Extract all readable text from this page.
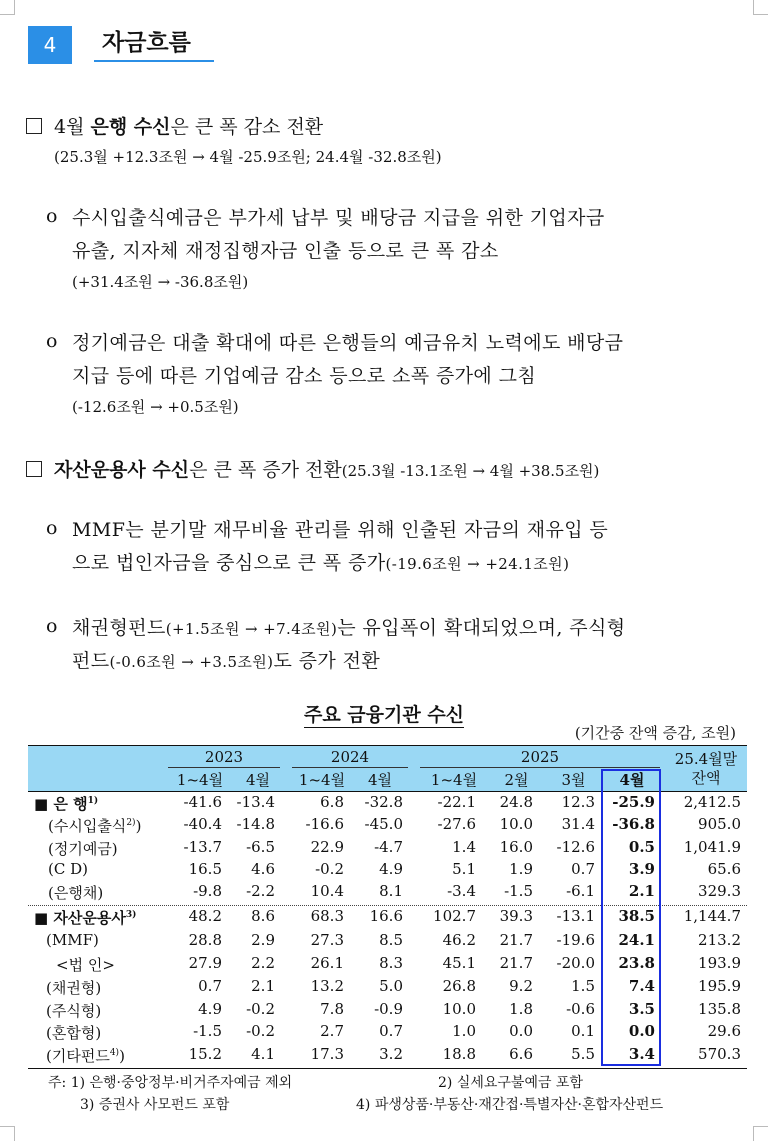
4	자금흐름
4월 은행 수신은 큰 폭 감소 전환
(25.3월 +12.3조원 → 4월 -25.9조원; 24.4월 -32.8조원)
o 수시입출식예금은 부가세 납부 및 배당금 지급을 위한 기업자금
유출, 지자체 재정집행자금 인출 등으로 큰 폭 감소
(+31.4조원 → -36.8조원)
o 정기예금은 대출 확대에 따른 은행들의 예금유치 노력에도 배당금
지급 등에 따른 기업예금 감소 등으로 소폭 증가에 그침
(-12.6조원 → +0.5조원)
자산운용사 수신은 큰 폭 증가 전환(25.3월 -13.1조원 → 4월 +38.5조원)
o MMF는 분기말 재무비율 관리를 위해 인출된 자금의 재유입 등
으로 법인자금을 중심으로 큰 폭 증가(-19.6조원 → +24.1조원)
o 채권형펀드(+1.5조원 → +7.4조원)는 유입폭이 확대되었으며, 주식형
펀드(-0.6조원 → +3.5조원)도 증가 전환
주요 금융기관 수신
(기간중 잔액 증감, 조원)
2023	2024	2025	25.4월말
잔액
1~4월	4월	1~4월	4월	1~4월	2월	3월	4월
■ 은 행$^{1)}$	-41.6 -13.4	6.8	-32.8	-22.1	24.8	12.3	-25.9	2,412.5
(수시입출식$^{2)}$)	-40.4 -14.8	-16.6	-45.0	-27.6	10.0	31.4	-36.8	905.0
(정기예금)	-13.7	-6.5	22.9	-4.7	1.4	16.0	-12.6	0.5	1,041.9
(C D)	16.5	4.6	-0.2	4.9	5.1	1.9	0.7	3.9	65.6
(은행채)	-9.8	-2.2	10.4	8.1	-3.4	-1.5	-6.1	2.1	329.3
■ 자산운용사$^{3)}$	48.2	8.6	68.3	16.6	102.7	39.3	-13.1	38.5	1,144.7
(MMF)	28.8	2.9	27.3	8.5	46.2	21.7	-19.6	24.1	213.2
<법 인>	27.9	2.2	26.1	8.3	45.1	21.7	-20.0	23.8	193.9
(채권형)	0.7	2.1	13.2	5.0	26.8	9.2	1.5	7.4	195.9
(주식형)	4.9	-0.2	7.8	-0.9	10.0	1.8	-0.6	3.5	135.8
(혼합형)	-1.5	-0.2	2.7	0.7	1.0	0.0	0.1	0.0	29.6
(기타펀드$^{4)}$)	15.2	4.1	17.3	3.2	18.8	6.6	5.5	3.4	570.3
주: 1) 은행·중앙정부·비거주자예금 제외	2) 실세요구불예금 포함
3) 증권사 사모펀드 포함	4) 파생상품·부동산·재간접·특별자산·혼합자산펀드
